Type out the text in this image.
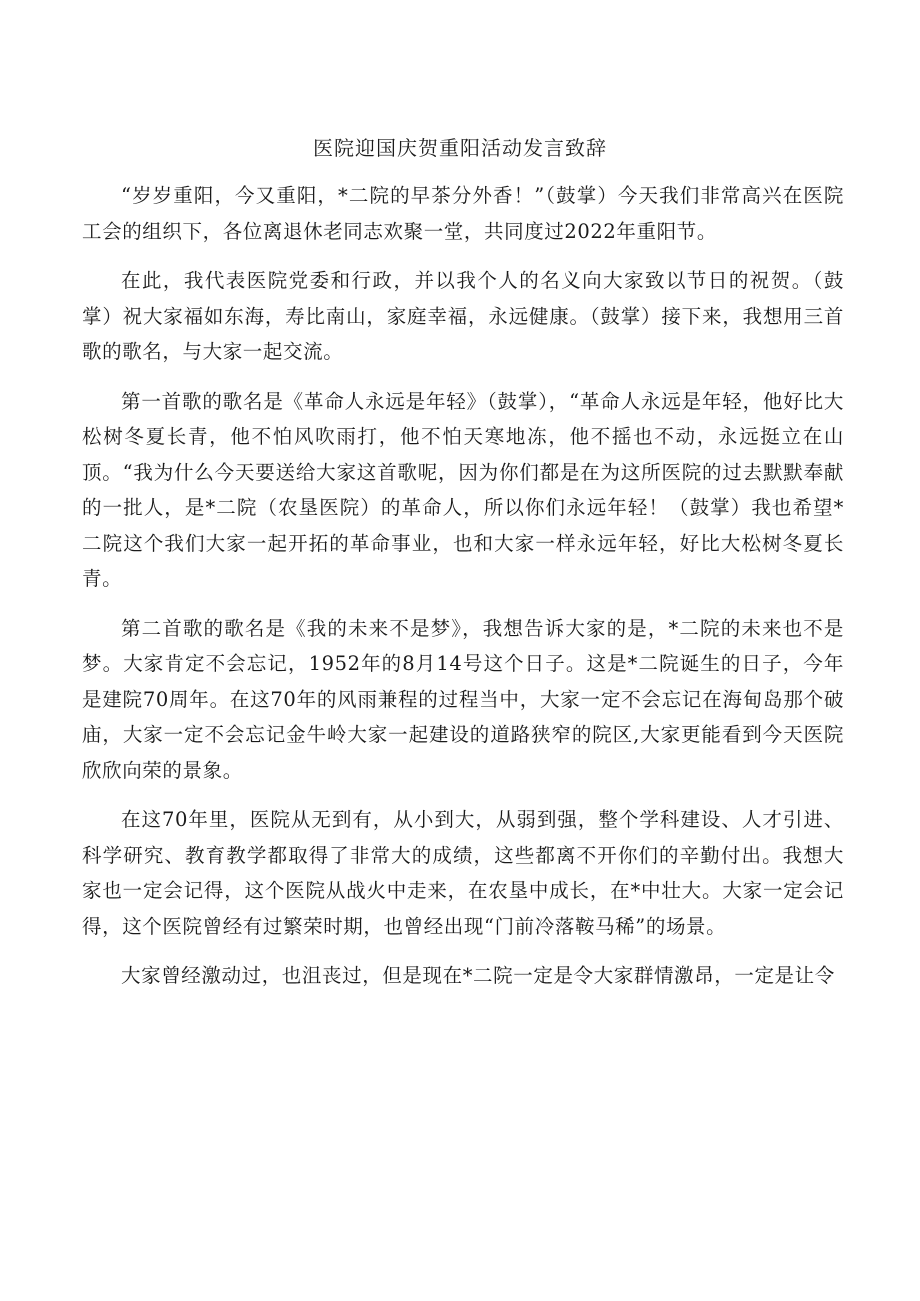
医院迎国庆贺重阳活动发言致辞

“岁岁重阳，今又重阳，*二院的早茶分外香！”（鼓掌）今天我们非常高兴在医院工会的组织下，各位离退休老同志欢聚一堂，共同度过2022年重阳节。

在此，我代表医院党委和行政，并以我个人的名义向大家致以节日的祝贺。（鼓掌）祝大家福如东海，寿比南山，家庭幸福，永远健康。（鼓掌）接下来，我想用三首歌的歌名，与大家一起交流。

第一首歌的歌名是《革命人永远是年轻》（鼓掌），“革命人永远是年轻，他好比大松树冬夏长青，他不怕风吹雨打，他不怕天寒地冻，他不摇也不动，永远挺立在山顶。“我为什么今天要送给大家这首歌呢，因为你们都是在为这所医院的过去默默奉献的一批人，是*二院（农垦医院）的革命人，所以你们永远年轻！（鼓掌）我也希望*二院这个我们大家一起开拓的革命事业，也和大家一样永远年轻，好比大松树冬夏长青。

第二首歌的歌名是《我的未来不是梦》，我想告诉大家的是，*二院的未来也不是梦。大家肯定不会忘记，1952年的8月14号这个日子。这是*二院诞生的日子，今年是建院70周年。在这70年的风雨兼程的过程当中，大家一定不会忘记在海甸岛那个破庙，大家一定不会忘记金牛岭大家一起建设的道路狭窄的院区,大家更能看到今天医院欣欣向荣的景象。

在这70年里，医院从无到有，从小到大，从弱到强，整个学科建设、人才引进、科学研究、教育教学都取得了非常大的成绩，这些都离不开你们的辛勤付出。我想大家也一定会记得，这个医院从战火中走来，在农垦中成长，在*中壮大。大家一定会记得，这个医院曾经有过繁荣时期，也曾经出现“门前冷落鞍马稀”的场景。

大家曾经激动过，也沮丧过，但是现在*二院一定是令大家群情激昂，一定是让令
